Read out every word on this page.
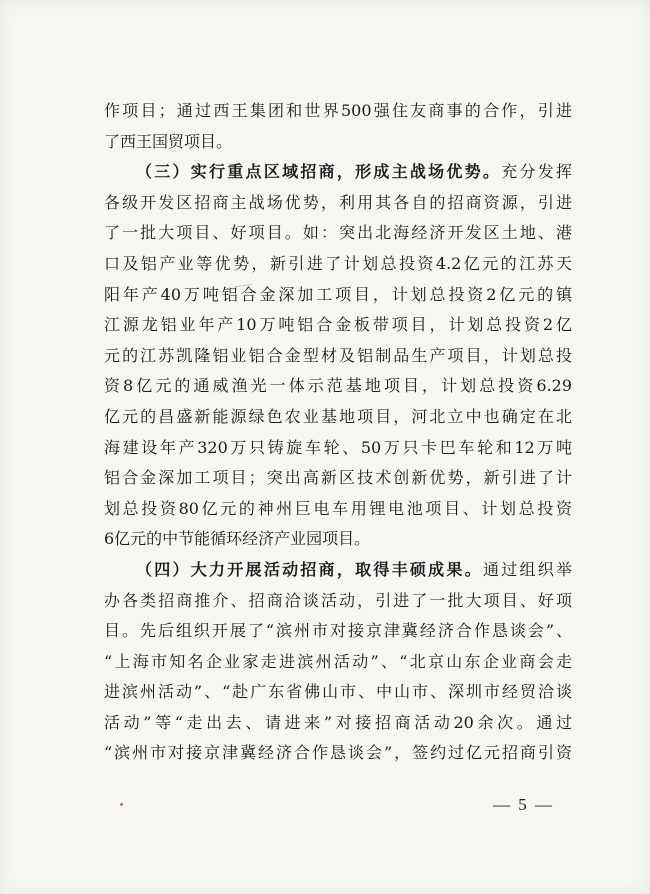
作项目；通过西王集团和世界500强住友商事的合作，引进
了西王国贸项目。
（三）实行重点区域招商，形成主战场优势。充分发挥
各级开发区招商主战场优势，利用其各自的招商资源，引进
了一批大项目、好项目。如：突出北海经济开发区土地、港
口及铝产业等优势，新引进了计划总投资4.2亿元的江苏天
阳年产40万吨铝合金深加工项目，计划总投资2亿元的镇
江源龙铝业年产10万吨铝合金板带项目，计划总投资2亿
元的江苏凯隆铝业铝合金型材及铝制品生产项目，计划总投
资8亿元的通威渔光一体示范基地项目，计划总投资6.29
亿元的昌盛新能源绿色农业基地项目，河北立中也确定在北
海建设年产320万只铸旋车轮、50万只卡巴车轮和12万吨
铝合金深加工项目；突出高新区技术创新优势，新引进了计
划总投资80亿元的神州巨电车用锂电池项目、计划总投资
6亿元的中节能循环经济产业园项目。
（四）大力开展活动招商，取得丰硕成果。通过组织举
办各类招商推介、招商洽谈活动，引进了一批大项目、好项
目。先后组织开展了“滨州市对接京津冀经济合作恳谈会”、
“上海市知名企业家走进滨州活动”、“北京山东企业商会走
进滨州活动”、“赴广东省佛山市、中山市、深圳市经贸洽谈
活动”等“走出去、请进来”对接招商活动20余次。通过
“滨州市对接京津冀经济合作恳谈会”，签约过亿元招商引资
— 5 —
